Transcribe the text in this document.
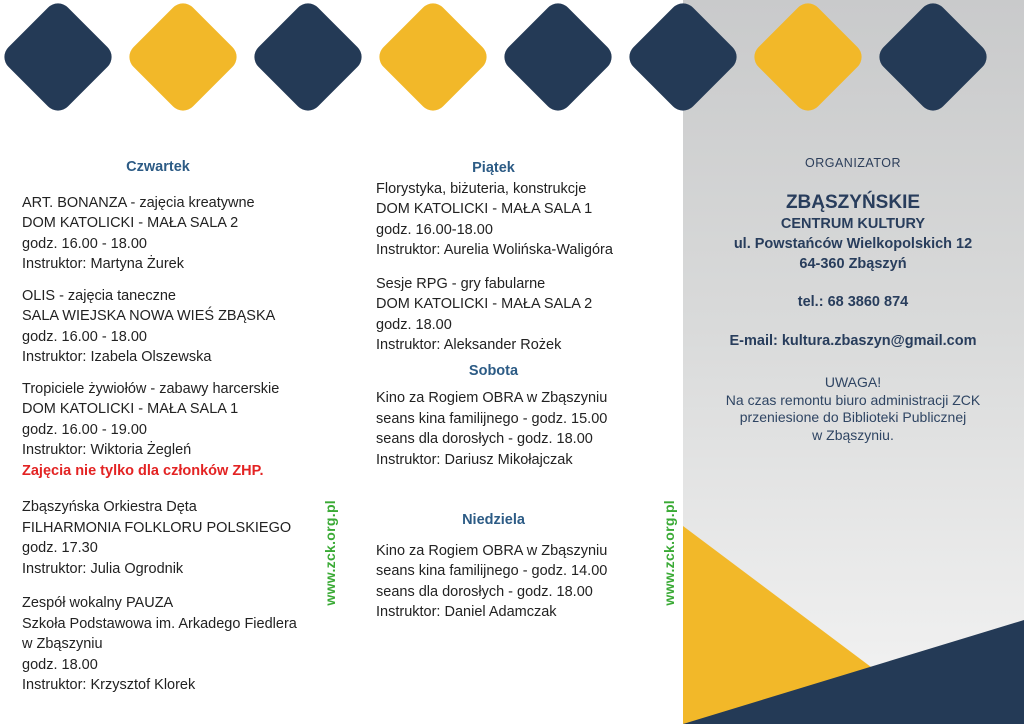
Czwartek

ART. BONANZA - zajęcia kreatywne

DOM KATOLICKI - MAŁA SALA 2

godz. 16.00 - 18.00

Instruktor: Martyna Żurek

OLIS - zajęcia taneczne

SALA WIEJSKA NOWA WIEŚ ZBĄSKA

godz. 16.00 - 18.00

Instruktor: Izabela Olszewska

Tropiciele żywiołów - zabawy harcerskie

DOM KATOLICKI - MAŁA SALA 1

godz. 16.00 - 19.00

Instruktor: Wiktoria Żegleń

Zajęcia nie tylko dla członków ZHP.

Zbąszyńska Orkiestra Dęta

FILHARMONIA FOLKLORU POLSKIEGO

godz. 17.30

Instruktor: Julia Ogrodnik

Zespół wokalny PAUZA

Szkoła Podstawowa im. Arkadego Fiedlera

w Zbąszyniu

godz. 18.00

Instruktor: Krzysztof Klorek

www.zck.org.pl

Piątek

Florystyka, biżuteria, konstrukcje

DOM KATOLICKI - MAŁA SALA 1

godz. 16.00-18.00

Instruktor: Aurelia Wolińska-Waligóra

Sesje RPG - gry fabularne

DOM KATOLICKI - MAŁA SALA 2

godz. 18.00

Instruktor: Aleksander Rożek

Sobota

Kino za Rogiem OBRA w Zbąszyniu

seans kina familijnego - godz. 15.00

seans dla dorosłych - godz. 18.00

Instruktor: Dariusz Mikołajczak

Niedziela

Kino za Rogiem OBRA w Zbąszyniu

seans kina familijnego - godz. 14.00

seans dla dorosłych - godz. 18.00

Instruktor: Daniel Adamczak

www.zck.org.pl
ORGANIZATOR
ZBĄSZYŃSKIE
CENTRUM KULTURY
ul. Powstańców Wielkopolskich 12
64-360 Zbąszyń
tel.: 68 3860 874
E-mail: kultura.zbaszyn@gmail.com

UWAGA!

Na czas remontu biuro administracji ZCK

przeniesione do Biblioteki Publicznej

w Zbąszyniu.
